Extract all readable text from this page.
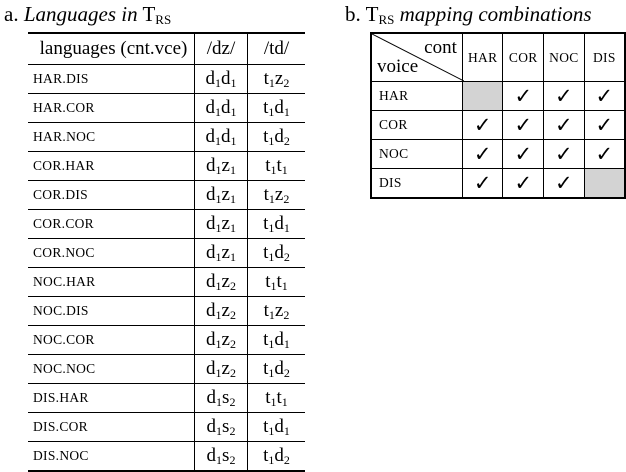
a. Languages in $T_{RS}$	b. $T_{RS}$ mapping combinations
languages (cnt.vce)	/dz/	/td/
HAR.DIS	$d_1d_1$	$t_1z_2$
HAR.COR	$d_1d_1$	$t_1d_1$
HAR.NOC	$d_1d_1$	$t_1d_2$
COR.HAR	$d_1z_1$	$t_1t_1$
COR.DIS	$d_1z_1$	$t_1z_2$
COR.COR	$d_1z_1$	$t_1d_1$
COR.NOC	$d_1z_1$	$t_1d_2$
NOC.HAR	$d_1z_2$	$t_1t_1$
NOC.DIS	$d_1z_2$	$t_1z_2$
NOC.COR	$d_1z_2$	$t_1d_1$
NOC.NOC	$d_1z_2$	$t_1d_2$
DIS.HAR	$d_1s_2$	$t_1t_1$
DIS.COR	$d_1s_2$	$t_1d_1$
DIS.NOC	$d_1s_2$	$t_1d_2$
cont
voice	HAR	COR	NOC	DIS
HAR		✓	✓	✓
COR	✓	✓	✓	✓
NOC	✓	✓	✓	✓
DIS	✓	✓	✓	
